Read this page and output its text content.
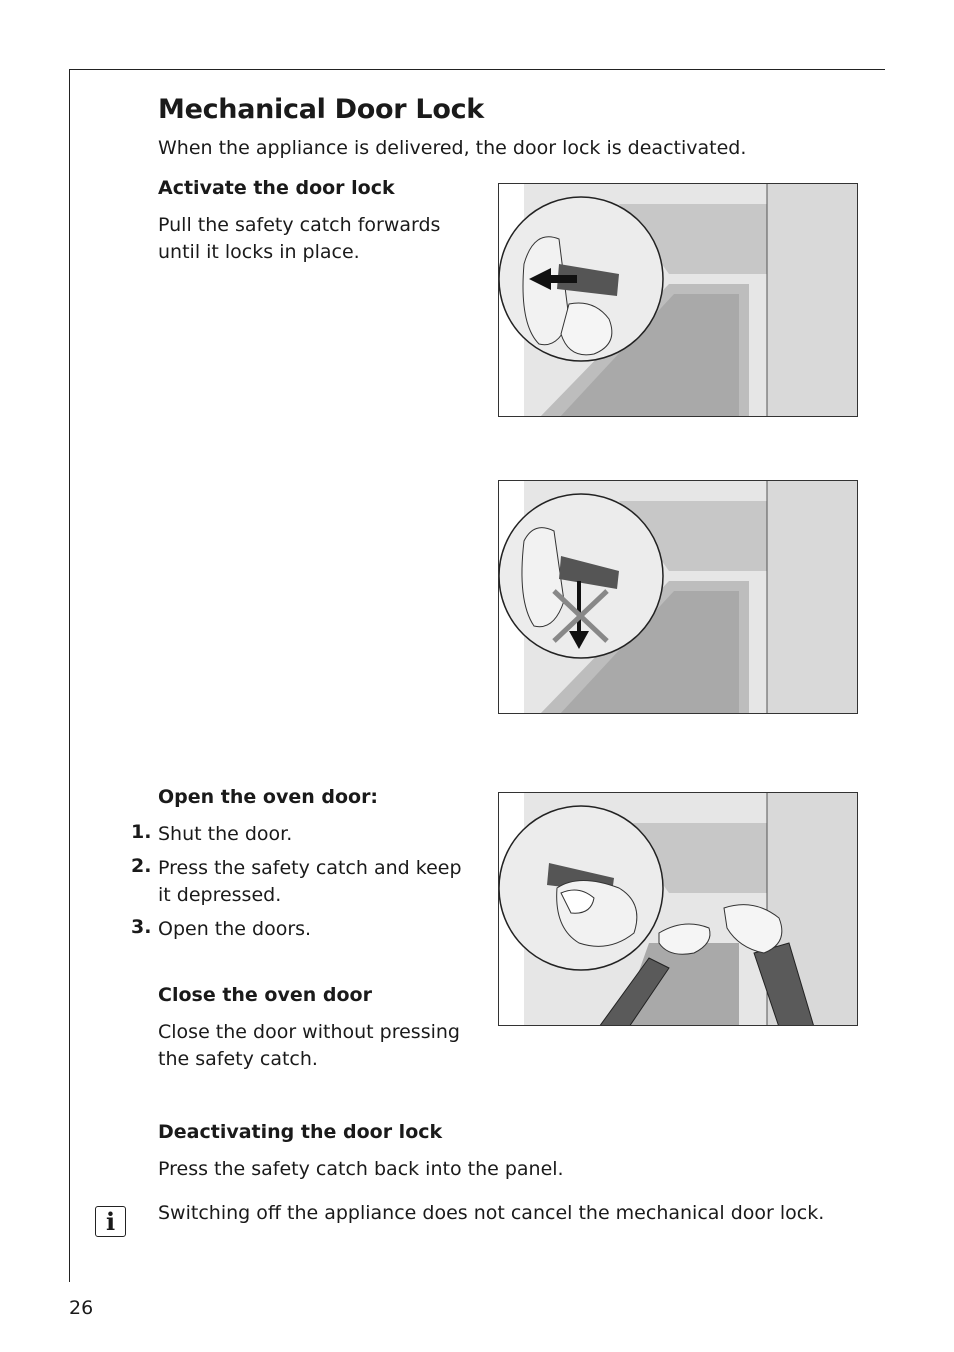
Mechanical Door Lock
When the appliance is delivered, the door lock is deactivated.
Activate the door lock
Pull the safety catch forwards
until it locks in place.
Open the oven door:
1. Shut the door.
2. Press the safety catch and keep
it depressed.
3. Open the doors.
Close the oven door
Close the door without pressing
the safety catch.
Deactivating the door lock
Press the safety catch back into the panel.
i	Switching off the appliance does not cancel the mechanical door lock.
26
